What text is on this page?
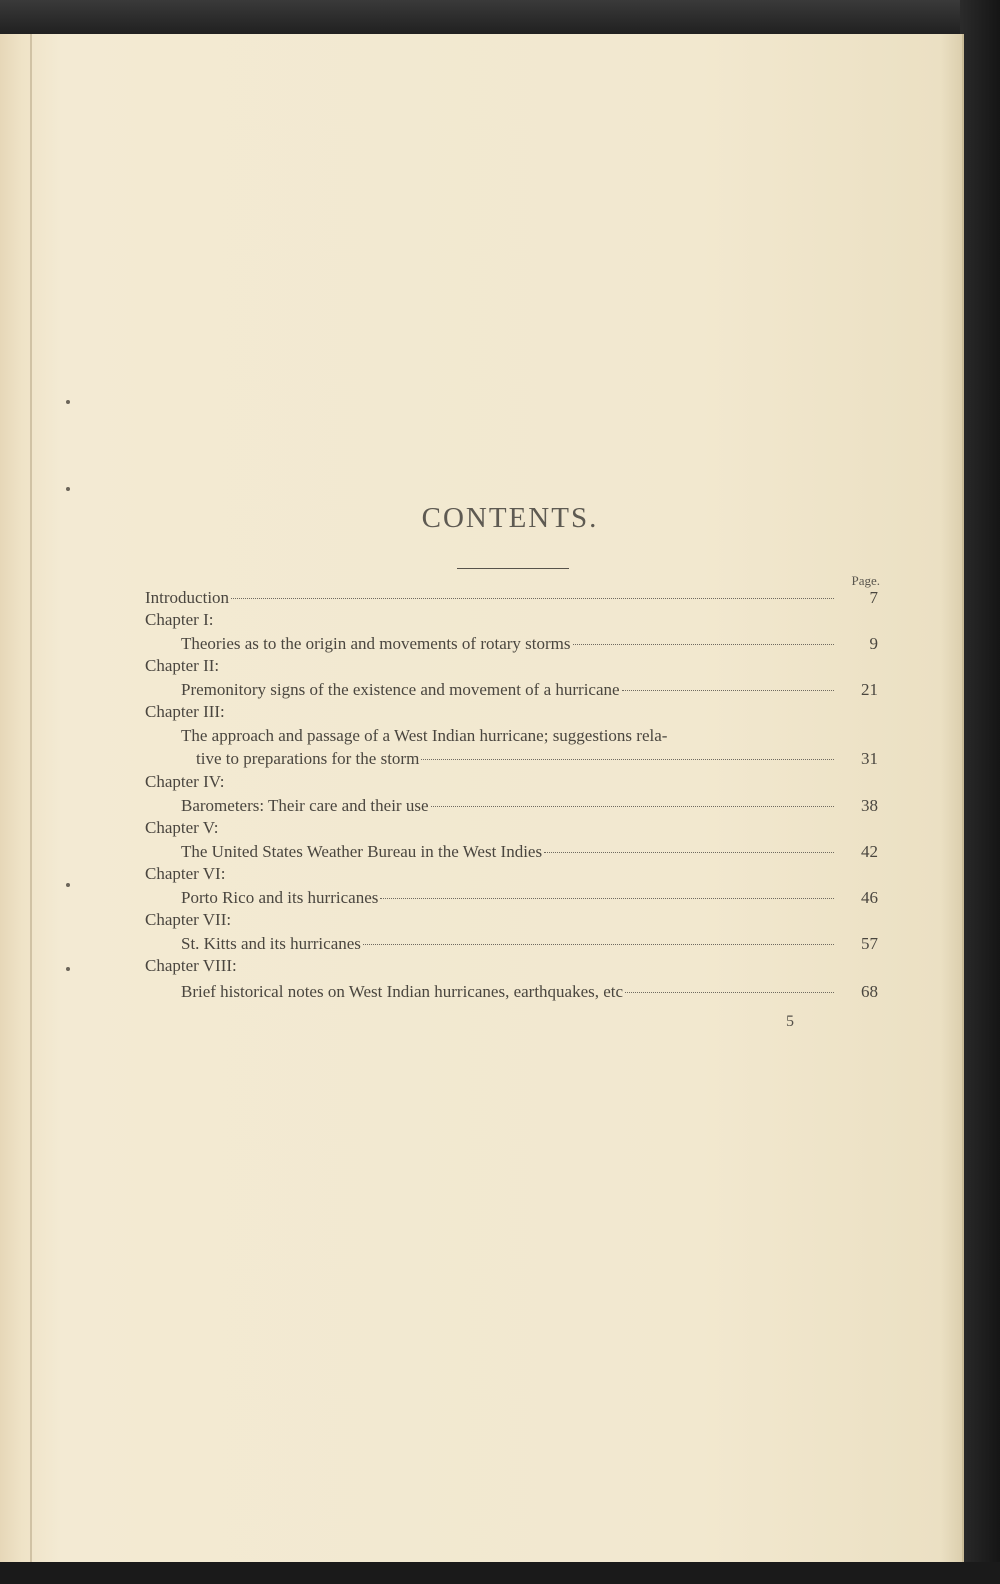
CONTENTS.
Page.
Introduction	7
Chapter I:
Theories as to the origin and movements of rotary storms	9
Chapter II:
Premonitory signs of the existence and movement of a hurricane	21
Chapter III:
The approach and passage of a West Indian hurricane; suggestions rela-
tive to preparations for the storm	31
Chapter IV:
Barometers: Their care and their use	38
Chapter V:
The United States Weather Bureau in the West Indies	42
Chapter VI:
Porto Rico and its hurricanes	46
Chapter VII:
St. Kitts and its hurricanes	57
Chapter VIII:
Brief historical notes on West Indian hurricanes, earthquakes, etc	68
5
